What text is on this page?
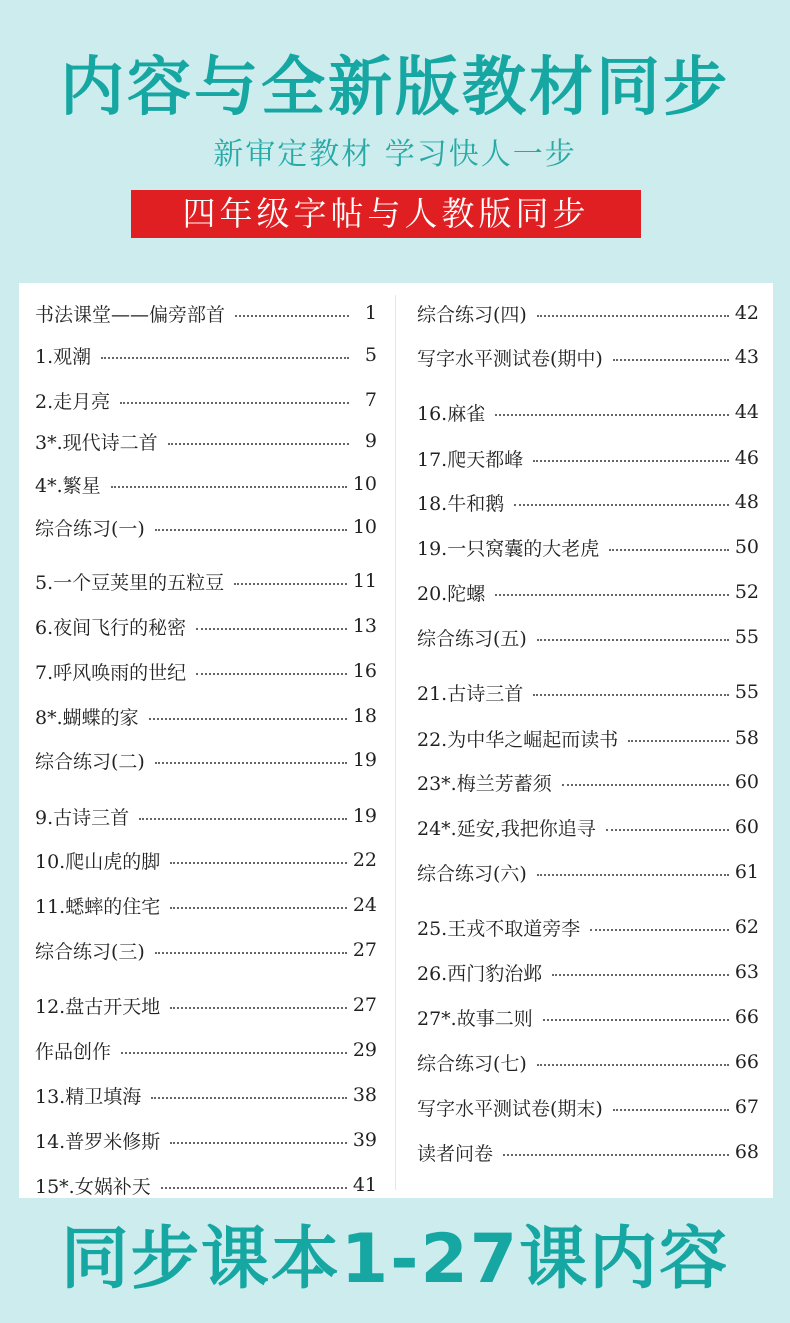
内容与全新版教材同步
新审定教材 学习快人一步
四年级字帖与人教版同步
书法课堂——偏旁部首	1
1.观潮	5
2.走月亮	7
3*.现代诗二首	9
4*.繁星	10
综合练习(一)	10
5.一个豆荚里的五粒豆	11
6.夜间飞行的秘密	13
7.呼风唤雨的世纪	16
8*.蝴蝶的家	18
综合练习(二)	19
9.古诗三首	19
10.爬山虎的脚	22
11.蟋蟀的住宅	24
综合练习(三)	27
12.盘古开天地	27
作品创作	29
13.精卫填海	38
14.普罗米修斯	39
15*.女娲补天	41
综合练习(四)	42
写字水平测试卷(期中)	43
16.麻雀	44
17.爬天都峰	46
18.牛和鹅	48
19.一只窝囊的大老虎	50
20.陀螺	52
综合练习(五)	55
21.古诗三首	55
22.为中华之崛起而读书	58
23*.梅兰芳蓄须	60
24*.延安,我把你追寻	60
综合练习(六)	61
25.王戎不取道旁李	62
26.西门豹治邺	63
27*.故事二则	66
综合练习(七)	66
写字水平测试卷(期末)	67
读者问卷	68
同步课本1-27课内容
